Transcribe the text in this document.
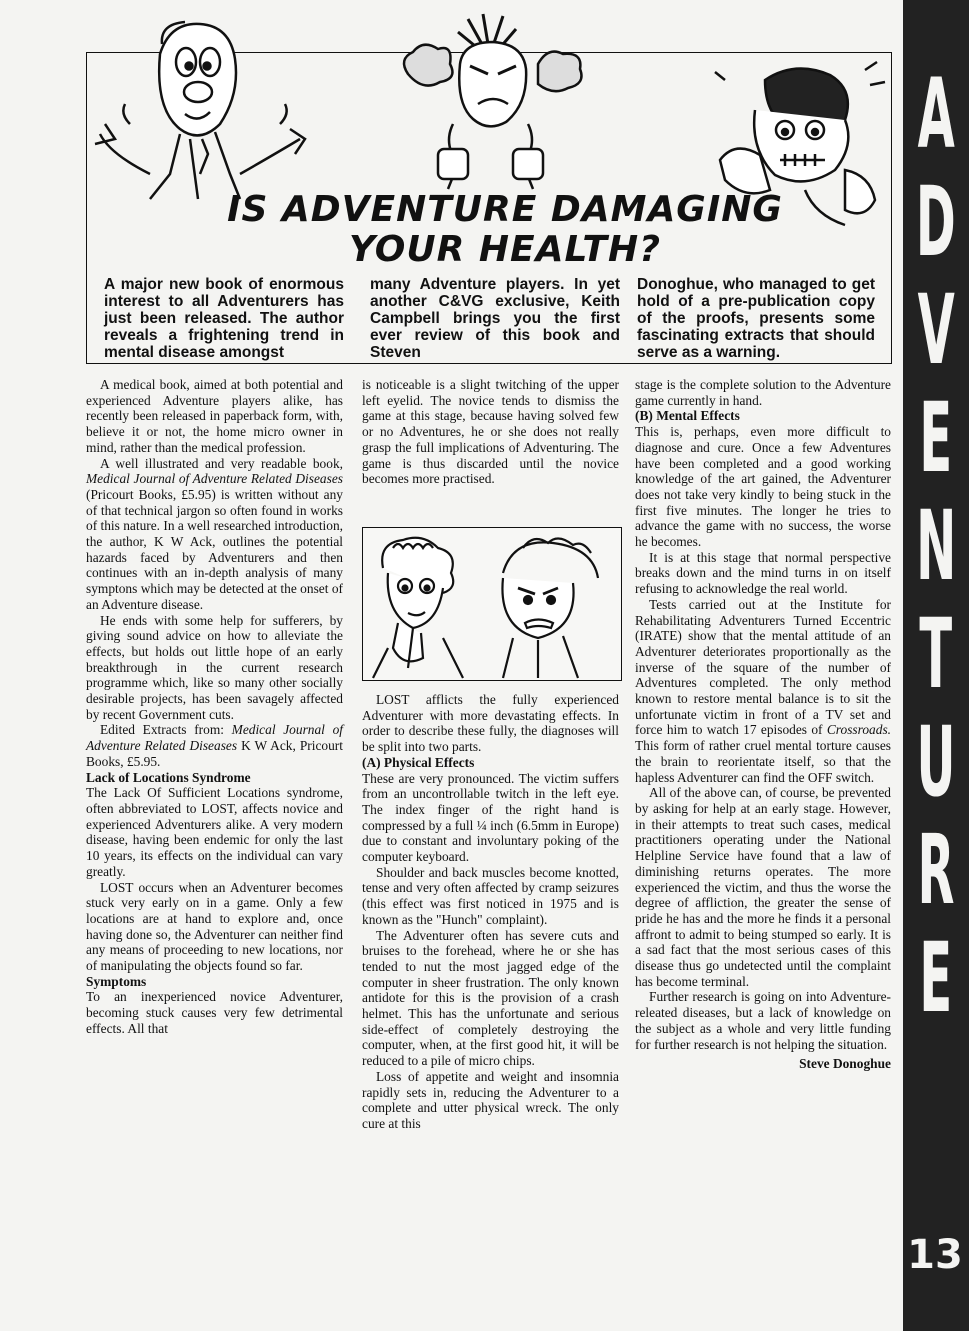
A
D
V
E
N
T
U
R
E
13
IS ADVENTURE DAMAGING
YOUR HEALTH?
A major new book of enormous interest to all Adventurers has just been released. The author reveals a frightening trend in mental disease amongst
many Adventure players. In yet another C&VG exclusive, Keith Campbell brings you the first ever review of this book and Steven
Donoghue, who managed to get hold of a pre-publication copy of the proofs, presents some fascinating extracts that should serve as a warning.

A medical book, aimed at both potential and experienced Adventure players alike, has recently been released in paperback form, with, believe it or not, the home micro owner in mind, rather than the medical profession.

A well illustrated and very readable book, Medical Journal of Adventure Related Diseases (Pricourt Books, £5.95) is written without any of that technical jargon so often found in works of this nature. In a well researched introduction, the author, K W Ack, outlines the potential hazards faced by Adventurers and then continues with an in-depth analysis of many symptons which may be detected at the onset of an Adventure disease.

He ends with some help for sufferers, by giving sound advice on how to alleviate the effects, but holds out little hope of an early breakthrough in the current research programme which, like so many other socially desirable projects, has been savagely affected by recent Government cuts.

Edited Extracts from: Medical Journal of Adventure Related Diseases K W Ack, Pricourt Books, £5.95.

Lack of Locations Syndrome

The Lack Of Sufficient Locations syndrome, often abbreviated to LOST, affects novice and experienced Adventurers alike. A very modern disease, having been endemic for only the last 10 years, its effects on the individual can vary greatly.

LOST occurs when an Adventurer becomes stuck very early on in a game. Only a few locations are at hand to explore and, once having done so, the Adventurer can neither find any means of proceeding to new locations, nor of manipulating the objects found so far.

Symptoms

To an inexperienced novice Adventurer, becoming stuck causes very few detrimental effects. All that

is noticeable is a slight twitching of the upper left eyelid. The novice tends to dismiss the game at this stage, because having solved few or no Adventures, he or she does not really grasp the full implications of Adventuring. The game is thus discarded until the novice becomes more practised.

LOST afflicts the fully experienced Adventurer with more devastating effects. In order to describe these fully, the diagnoses will be split into two parts.

(A) Physical Effects

These are very pronounced. The victim suffers from an uncontrollable twitch in the left eye. The index finger of the right hand is compressed by a full ¼ inch (6.5mm in Europe) due to constant and involuntary poking of the computer keyboard.

Shoulder and back muscles become knotted, tense and very often affected by cramp seizures (this effect was first noticed in 1975 and is known as the "Hunch" complaint).

The Adventurer often has severe cuts and bruises to the forehead, where he or she has tended to nut the most jagged edge of the computer in sheer frustration. The only known antidote for this is the provision of a crash helmet. This has the unfortunate and serious side-effect of completely destroying the computer, when, at the first good hit, it will be reduced to a pile of micro chips.

Loss of appetite and weight and insomnia rapidly sets in, reducing the Adventurer to a complete and utter physical wreck. The only cure at this

stage is the complete solution to the Adventure game currently in hand.

(B) Mental Effects

This is, perhaps, even more difficult to diagnose and cure. Once a few Adventures have been completed and a good working knowledge of the art gained, the Adventurer does not take very kindly to being stuck in the first five minutes. The longer he tries to advance the game with no success, the worse he becomes.

It is at this stage that normal perspective breaks down and the mind turns in on itself refusing to acknowledge the real world.

Tests carried out at the Institute for Rehabilitating Adventurers Turned Eccentric (IRATE) show that the mental attitude of an Adventurer deteriorates proportionally as the inverse of the square of the number of Adventures completed. The only method known to restore mental balance is to sit the unfortunate victim in front of a TV set and force him to watch 17 episodes of Crossroads. This form of rather cruel mental torture causes the brain to reorientate itself, so that the hapless Adventurer can find the OFF switch.

All of the above can, of course, be prevented by asking for help at an early stage. However, in their attempts to treat such cases, medical practitioners operating under the National Helpline Service have found that a law of diminishing returns operates. The more experienced the victim, and thus the worse the degree of affliction, the greater the sense of pride he has and the more he finds it a personal affront to admit to being stumped so early. It is a sad fact that the most serious cases of this disease thus go undetected until the complaint has become terminal.

Further research is going on into Adventure-releated diseases, but a lack of knowledge on the subject as a whole and very little funding for further research is not helping the situation.

Steve Donoghue
